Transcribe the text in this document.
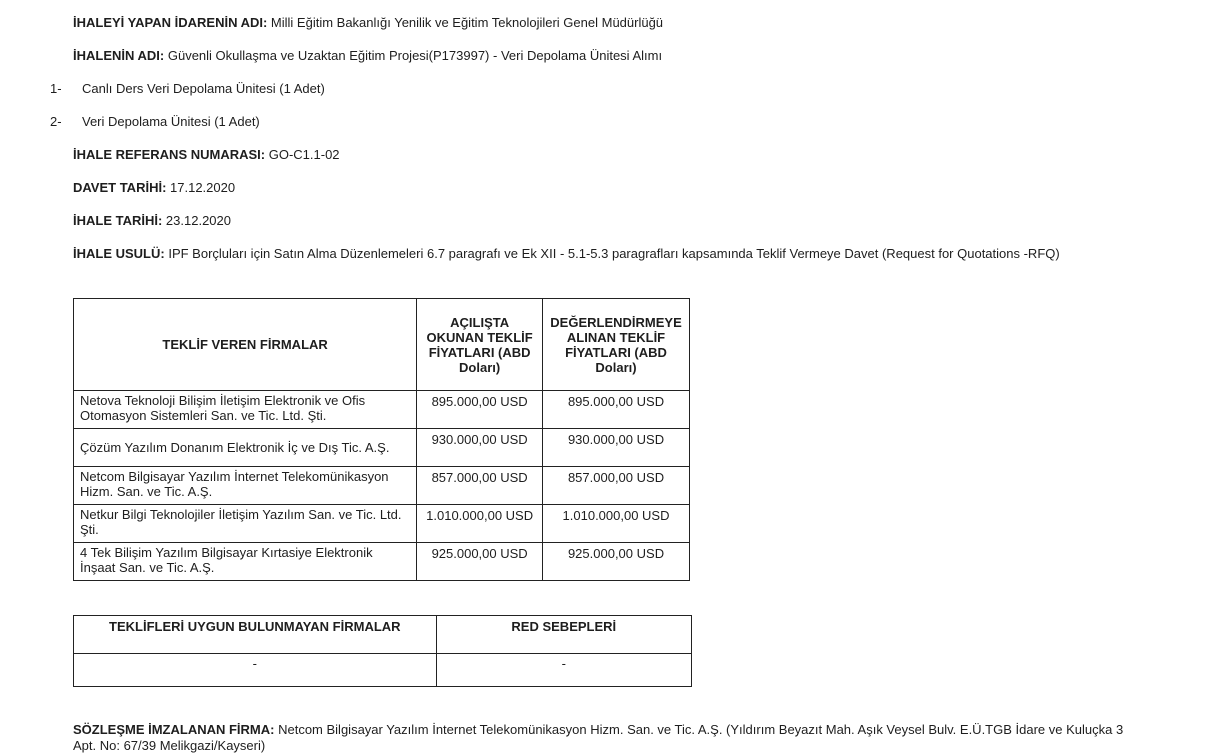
İHALEYİ YAPAN İDARENİN ADI: Milli Eğitim Bakanlığı Yenilik ve Eğitim Teknolojileri Genel Müdürlüğü
İHALENİN ADI: Güvenli Okullaşma ve Uzaktan Eğitim Projesi(P173997) - Veri Depolama Ünitesi Alımı
1- Canlı Ders Veri Depolama Ünitesi (1 Adet)
2- Veri Depolama Ünitesi (1 Adet)
İHALE REFERANS NUMARASI: GO-C1.1-02
DAVET TARİHİ: 17.12.2020
İHALE TARİHİ: 23.12.2020
İHALE USULÜ: IPF Borçluları için Satın Alma Düzenlemeleri 6.7 paragrafı ve Ek XII - 5.1-5.3 paragrafları kapsamında Teklif Vermeye Davet (Request for Quotations -RFQ)
TEKLİF VEREN FİRMALAR	AÇILIŞTA OKUNAN TEKLİF FİYATLARI (ABD Doları)	DEĞERLENDİRMEYE ALINAN TEKLİF FİYATLARI (ABD Doları)
Netova Teknoloji Bilişim İletişim Elektronik ve Ofis Otomasyon Sistemleri San. ve Tic. Ltd. Şti.	895.000,00 USD	895.000,00 USD
Çözüm Yazılım Donanım Elektronik İç ve Dış Tic. A.Ş.	930.000,00 USD	930.000,00 USD
Netcom Bilgisayar Yazılım İnternet Telekomünikasyon Hizm. San. ve Tic. A.Ş.	857.000,00 USD	857.000,00 USD
Netkur Bilgi Teknolojiler İletişim Yazılım San. ve Tic. Ltd. Şti.	1.010.000,00 USD	1.010.000,00 USD
4 Tek Bilişim Yazılım Bilgisayar Kırtasiye Elektronik İnşaat San. ve Tic. A.Ş.	925.000,00 USD	925.000,00 USD
TEKLİFLERİ UYGUN BULUNMAYAN FİRMALAR	RED SEBEPLERİ
-	-
SÖZLEŞME İMZALANAN FİRMA: Netcom Bilgisayar Yazılım İnternet Telekomünikasyon Hizm. San. ve Tic. A.Ş. (Yıldırım Beyazıt Mah. Aşık Veysel Bulv. E.Ü.TGB İdare ve Kuluçka 3 Apt. No: 67/39 Melikgazi/Kayseri)
